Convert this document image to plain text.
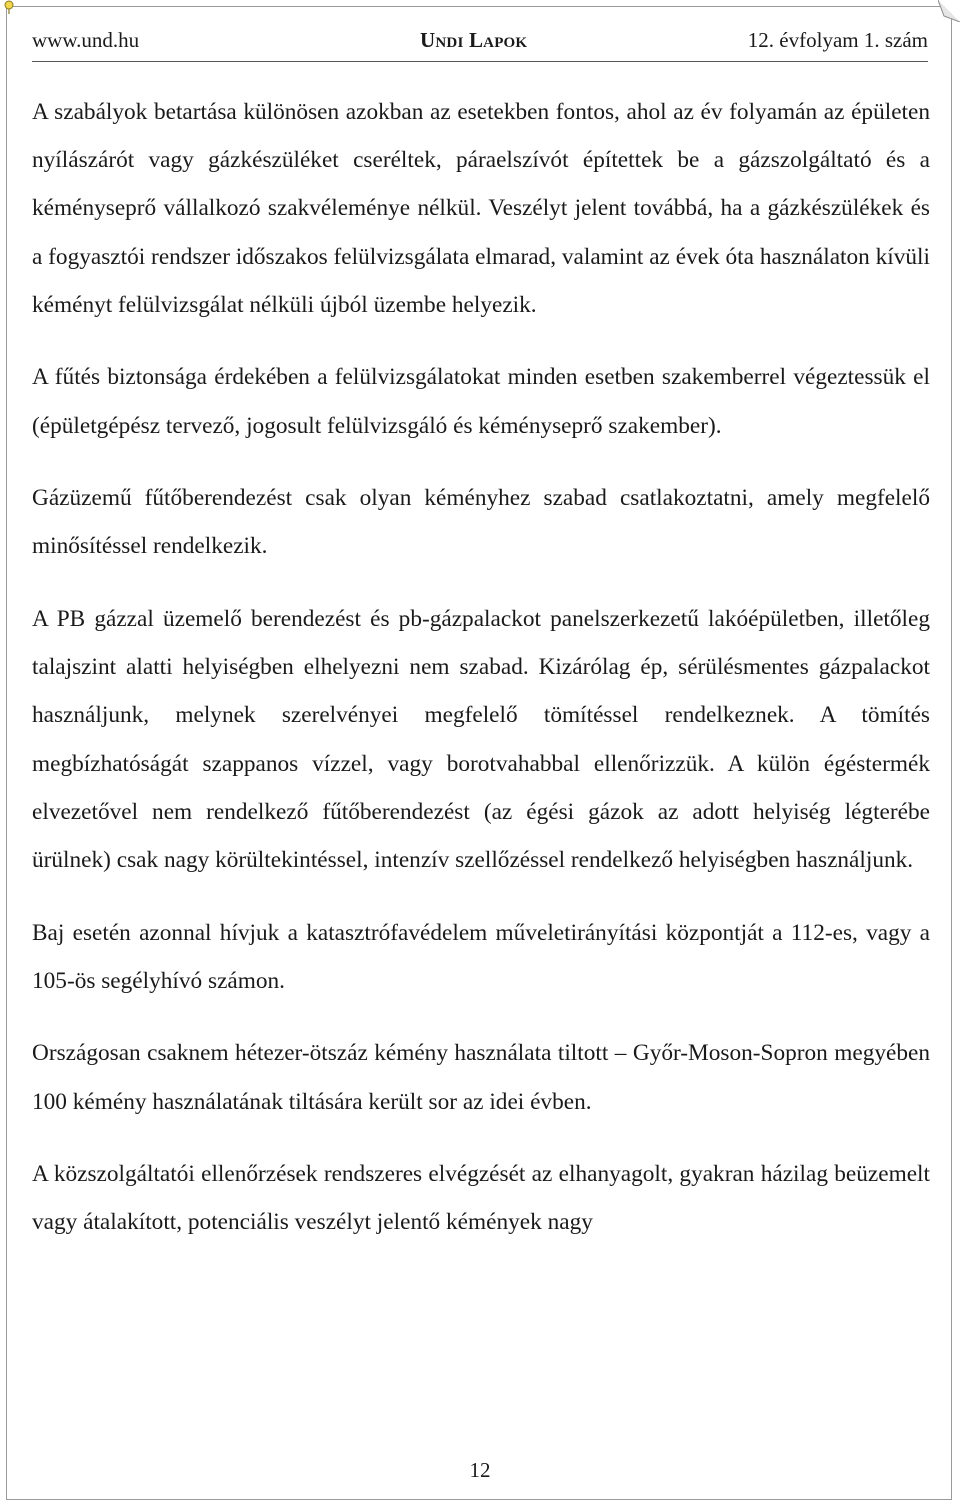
www.und.hu	UNDI LAPOK	12. évfolyam 1. szám

A szabályok betartása különösen azokban az esetekben fontos, ahol az év folyamán az épületen nyílászárót vagy gázkészüléket cseréltek, páraelszívót építettek be a gázszolgáltató és a kéményseprő vállalkozó szakvéleménye nélkül. Veszélyt jelent továbbá, ha a gázkészülékek és a fogyasztói rendszer időszakos felülvizsgálata elmarad, valamint az évek óta használaton kívüli kéményt felülvizsgálat nélküli újból üzembe helyezik.

A fűtés biztonsága érdekében a felülvizsgálatokat minden esetben szakemberrel végeztessük el (épületgépész tervező, jogosult felülvizsgáló és kéményseprő szakember).

Gázüzemű fűtőberendezést csak olyan kéményhez szabad csatlakoztatni, amely megfelelő minősítéssel rendelkezik.

A PB gázzal üzemelő berendezést és pb-gázpalackot panelszerkezetű lakóépületben, illetőleg talajszint alatti helyiségben elhelyezni nem szabad. Kizárólag ép, sérülésmentes gázpalackot használjunk, melynek szerelvényei megfelelő tömítéssel rendelkeznek. A tömítés megbízhatóságát szappanos vízzel, vagy borotvahabbal ellenőrizzük. A külön égéstermék elvezetővel nem rendelkező fűtőberendezést (az égési gázok az adott helyiség légterébe ürülnek) csak nagy körültekintéssel, intenzív szellőzéssel rendelkező helyiségben használjunk.

Baj esetén azonnal hívjuk a katasztrófavédelem műveletirányítási központját a 112-es, vagy a 105-ös segélyhívó számon.

Országosan csaknem hétezer-ötszáz kémény használata tiltott – Győr-Moson-Sopron megyében 100 kémény használatának tiltására került sor az idei évben.

A közszolgáltatói ellenőrzések rendszeres elvégzését az elhanyagolt, gyakran házilag beüzemelt vagy átalakított, potenciális veszélyt jelentő kémények nagy

12
